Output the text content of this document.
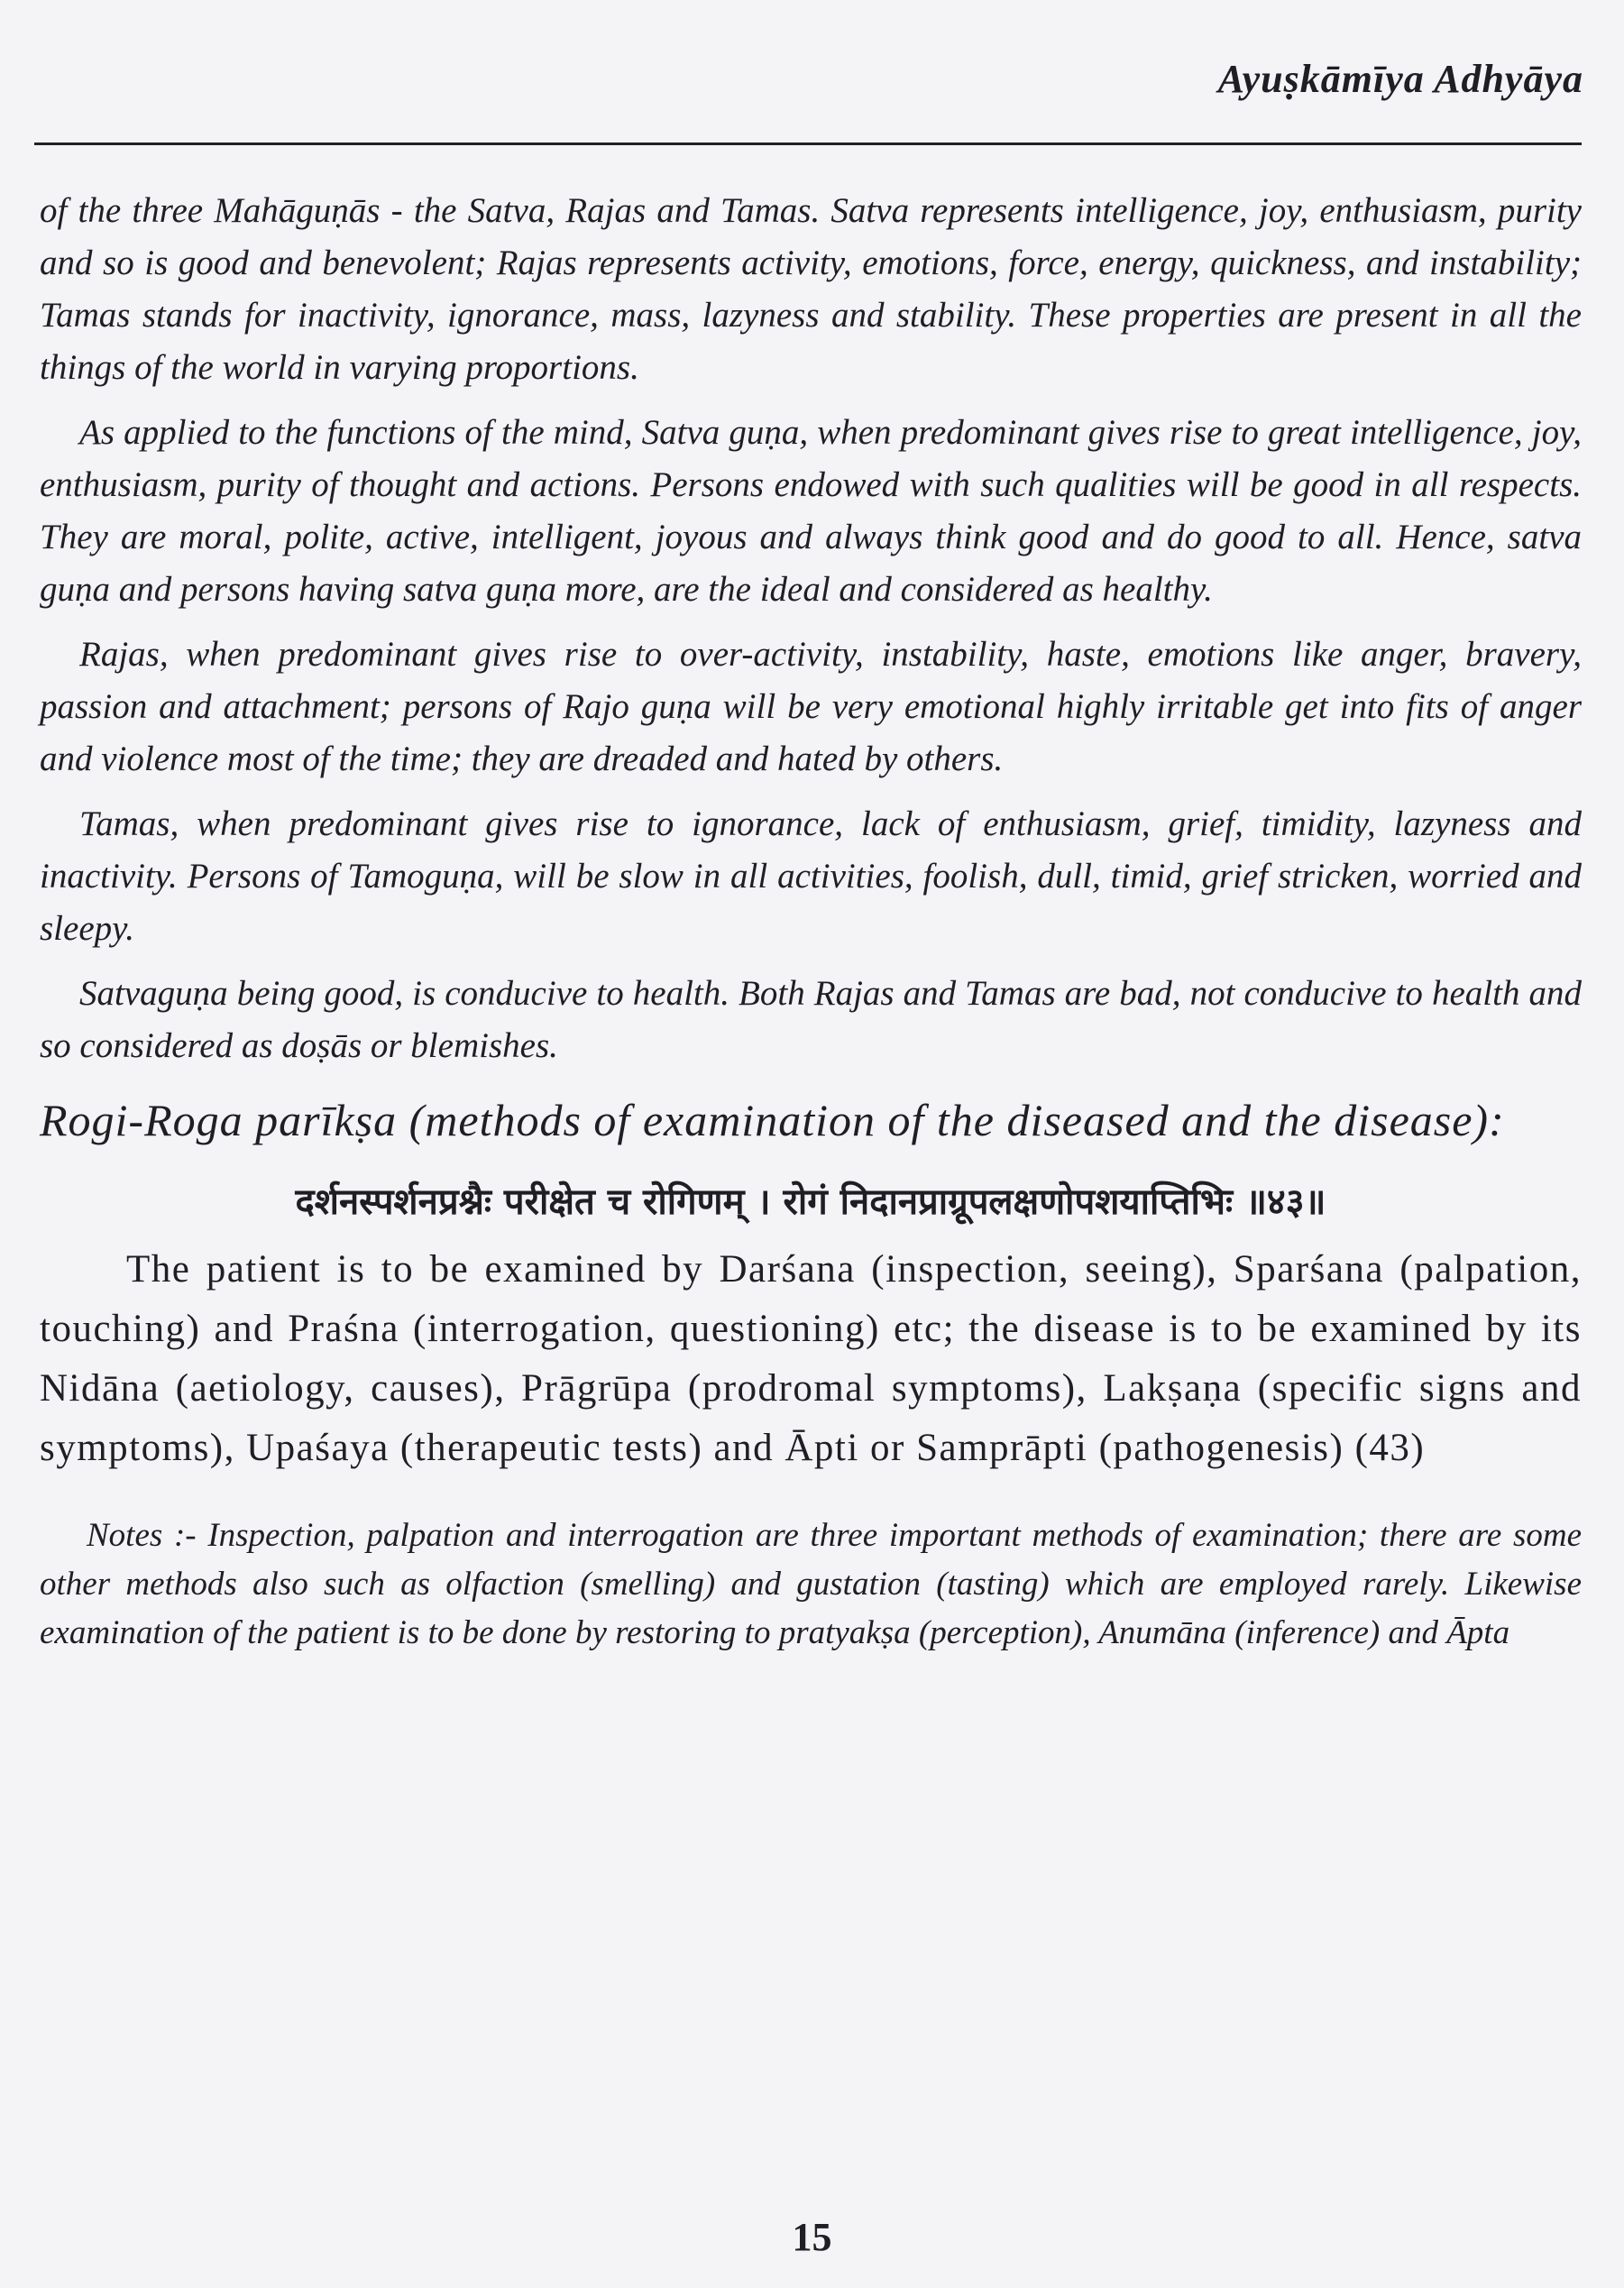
Ayuṣkāmīya Adhyāya

of the three Mahāguṇās - the Satva, Rajas and Tamas. Satva represents intelligence, joy, enthusiasm, purity and so is good and benevolent; Rajas represents activity, emotions, force, energy, quickness, and instability; Tamas stands for inactivity, ignorance, mass, lazyness and stability. These properties are present in all the things of the world in varying proportions.

As applied to the functions of the mind, Satva guṇa, when predominant gives rise to great intelligence, joy, enthusiasm, purity of thought and actions. Persons endowed with such qualities will be good in all respects. They are moral, polite, active, intelligent, joyous and always think good and do good to all. Hence, satva guṇa and persons having satva guṇa more, are the ideal and considered as healthy.

Rajas, when predominant gives rise to over-activity, instability, haste, emotions like anger, bravery, passion and attachment; persons of Rajo guṇa will be very emotional highly irritable get into fits of anger and violence most of the time; they are dreaded and hated by others.

Tamas, when predominant gives rise to ignorance, lack of enthusiasm, grief, timidity, lazyness and inactivity. Persons of Tamoguṇa, will be slow in all activities, foolish, dull, timid, grief stricken, worried and sleepy.

Satvaguṇa being good, is conducive to health. Both Rajas and Tamas are bad, not conducive to health and so considered as doṣās or blemishes.

Rogi-Roga parīkṣa (methods of examination of the diseased and the disease):
दर्शनस्पर्शनप्रश्नैः परीक्षेत च रोगिणम् । रोगं निदानप्राग्रूपलक्षणोपशयाप्तिभिः ॥४३॥

The patient is to be examined by Darśana (inspection, seeing), Sparśana (palpation, touching) and Praśna (interrogation, questioning) etc; the disease is to be examined by its Nidāna (aetiology, causes), Prāgrūpa (prodromal symptoms), Lakṣaṇa (specific signs and symptoms), Upaśaya (therapeutic tests) and Āpti or Samprāpti (pathogenesis) (43)

Notes :- Inspection, palpation and interrogation are three important methods of examination; there are some other methods also such as olfaction (smelling) and gustation (tasting) which are employed rarely. Likewise examination of the patient is to be done by restoring to pratyakṣa (perception), Anumāna (inference) and Āpta

15
